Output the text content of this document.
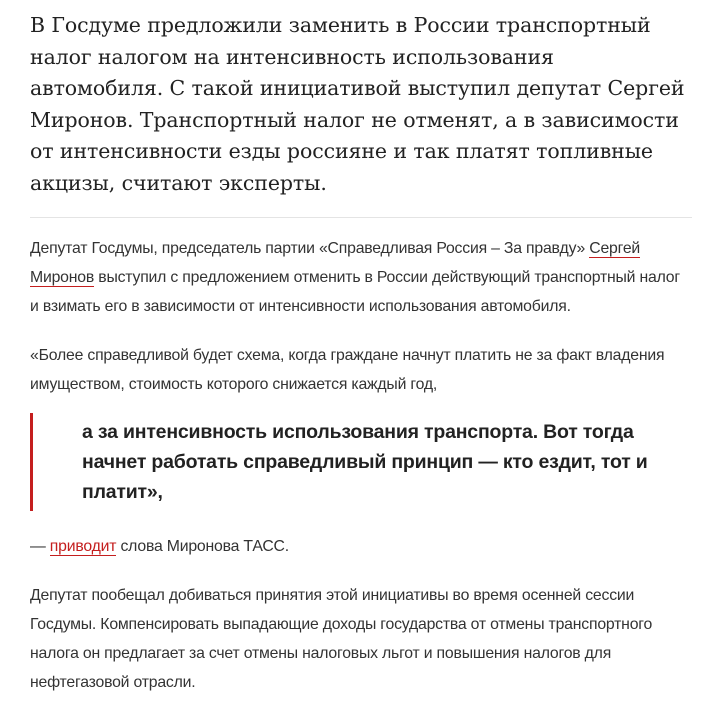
В Госдуме предложили заменить в России транспортный налог налогом на интенсивность использования автомобиля. С такой инициативой выступил депутат Сергей Миронов. Транспортный налог не отменят, а в зависимости от интенсивности езды россияне и так платят топливные акцизы, считают эксперты.

Депутат Госдумы, председатель партии «Справедливая Россия – За правду» Сергей Миронов выступил с предложением отменить в России действующий транспортный налог и взимать его в зависимости от интенсивности использования автомобиля.

«Более справедливой будет схема, когда граждане начнут платить не за факт владения имуществом, стоимость которого снижается каждый год,

а за интенсивность использования транспорта. Вот тогда начнет работать справедливый принцип — кто ездит, тот и платит»,

— приводит слова Миронова ТАСС.

Депутат пообещал добиваться принятия этой инициативы во время осенней сессии Госдумы. Компенсировать выпадающие доходы государства от отмены транспортного налога он предлагает за счет отмены налоговых льгот и повышения налогов для нефтегазовой отрасли.
